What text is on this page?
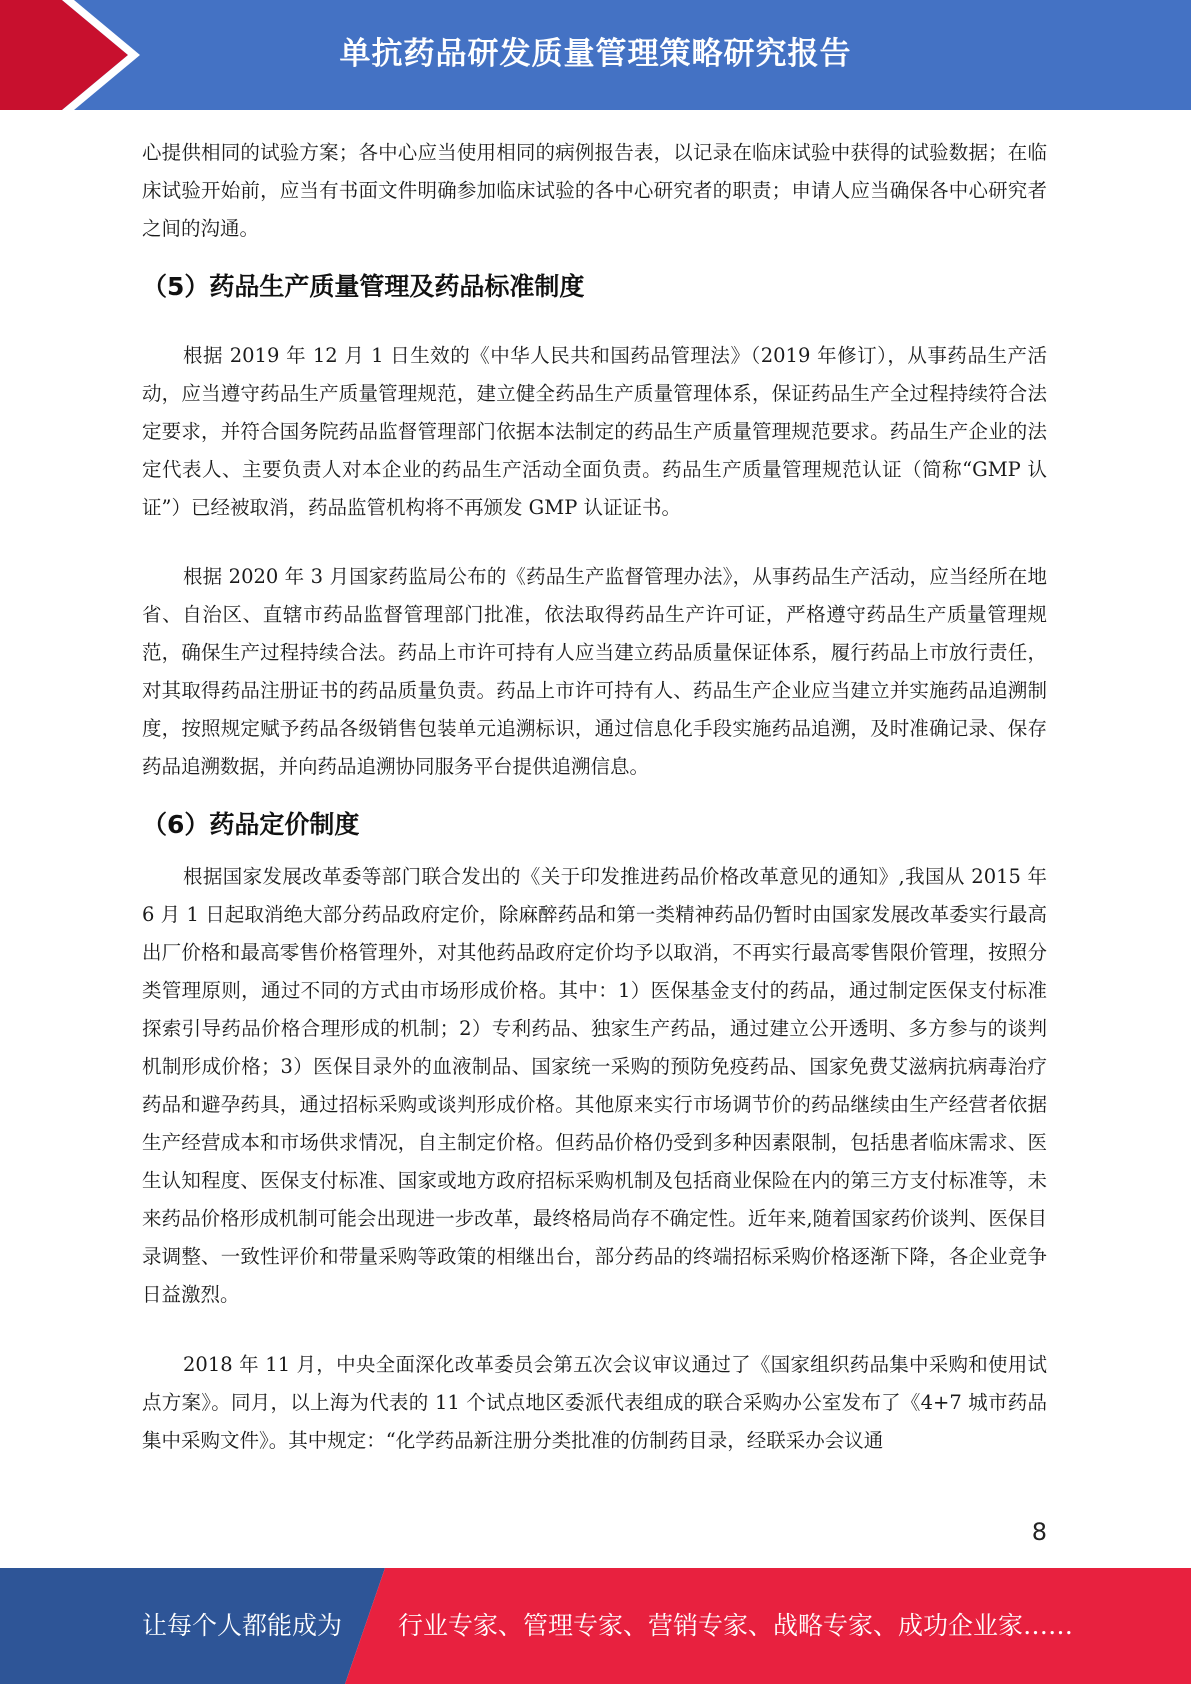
单抗药品研发质量管理策略研究报告

心提供相同的试验方案；各中心应当使用相同的病例报告表，以记录在临床试验中获得的试验数据；在临床试验开始前，应当有书面文件明确参加临床试验的各中心研究者的职责；申请人应当确保各中心研究者之间的沟通。

（5）药品生产质量管理及药品标准制度

根据 2019 年 12 月 1 日生效的《中华人民共和国药品管理法》（2019 年修订），从事药品生产活动，应当遵守药品生产质量管理规范，建立健全药品生产质量管理体系，保证药品生产全过程持续符合法定要求，并符合国务院药品监督管理部门依据本法制定的药品生产质量管理规范要求。药品生产企业的法定代表人、主要负责人对本企业的药品生产活动全面负责。药品生产质量管理规范认证（简称“GMP 认证”）已经被取消，药品监管机构将不再颁发 GMP 认证证书。

根据 2020 年 3 月国家药监局公布的《药品生产监督管理办法》，从事药品生产活动，应当经所在地省、自治区、直辖市药品监督管理部门批准，依法取得药品生产许可证，严格遵守药品生产质量管理规范，确保生产过程持续合法。药品上市许可持有人应当建立药品质量保证体系，履行药品上市放行责任，对其取得药品注册证书的药品质量负责。药品上市许可持有人、药品生产企业应当建立并实施药品追溯制度，按照规定赋予药品各级销售包装单元追溯标识，通过信息化手段实施药品追溯，及时准确记录、保存药品追溯数据，并向药品追溯协同服务平台提供追溯信息。

（6）药品定价制度

根据国家发展改革委等部门联合发出的《关于印发推进药品价格改革意见的通知》,我国从 2015 年 6 月 1 日起取消绝大部分药品政府定价，除麻醉药品和第一类精神药品仍暂时由国家发展改革委实行最高出厂价格和最高零售价格管理外，对其他药品政府定价均予以取消，不再实行最高零售限价管理，按照分类管理原则，通过不同的方式由市场形成价格。其中：1）医保基金支付的药品，通过制定医保支付标准探索引导药品价格合理形成的机制；2）专利药品、独家生产药品，通过建立公开透明、多方参与的谈判机制形成价格；3）医保目录外的血液制品、国家统一采购的预防免疫药品、国家免费艾滋病抗病毒治疗药品和避孕药具，通过招标采购或谈判形成价格。其他原来实行市场调节价的药品继续由生产经营者依据生产经营成本和市场供求情况，自主制定价格。但药品价格仍受到多种因素限制，包括患者临床需求、医生认知程度、医保支付标准、国家或地方政府招标采购机制及包括商业保险在内的第三方支付标准等，未来药品价格形成机制可能会出现进一步改革，最终格局尚存不确定性。近年来,随着国家药价谈判、医保目录调整、一致性评价和带量采购等政策的相继出台，部分药品的终端招标采购价格逐渐下降，各企业竞争日益激烈。

2018 年 11 月，中央全面深化改革委员会第五次会议审议通过了《国家组织药品集中采购和使用试点方案》。同月，以上海为代表的 11 个试点地区委派代表组成的联合采购办公室发布了《4+7 城市药品集中采购文件》。其中规定：“化学药品新注册分类批准的仿制药目录，经联采办会议通

8
让每个人都能成为 行业专家、管理专家、营销专家、战略专家、成功企业家……
